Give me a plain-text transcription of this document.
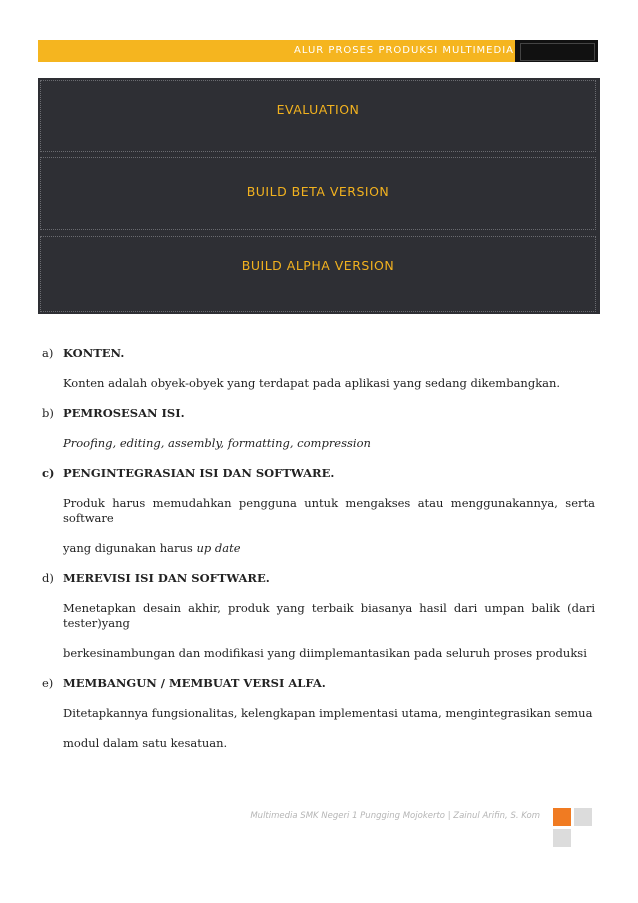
ALUR PROSES PRODUKSI MULTIMEDIA
EVALUATION
BUILD BETA VERSION
BUILD ALPHA VERSION
a) KONTEN.
Konten adalah obyek-obyek yang terdapat pada aplikasi yang sedang dikembangkan.
b) PEMROSESAN ISI.
Proofing, editing, assembly, formatting, compression
c) PENGINTEGRASIAN ISI DAN SOFTWARE.
Produk harus memudahkan pengguna untuk mengakses atau menggunakannya, serta software
yang digunakan harus up date
d) MEREVISI ISI DAN SOFTWARE.
Menetapkan desain akhir, produk yang terbaik biasanya hasil dari umpan balik (dari tester)yang
berkesinambungan dan modifikasi yang diimplemantasikan pada seluruh proses produksi
e) MEMBANGUN / MEMBUAT VERSI ALFA.
Ditetapkannya fungsionalitas, kelengkapan implementasi utama, mengintegrasikan semua
modul dalam satu kesatuan.
Multimedia SMK Negeri 1 Pungging Mojokerto | Zainul Arifin, S. Kom
